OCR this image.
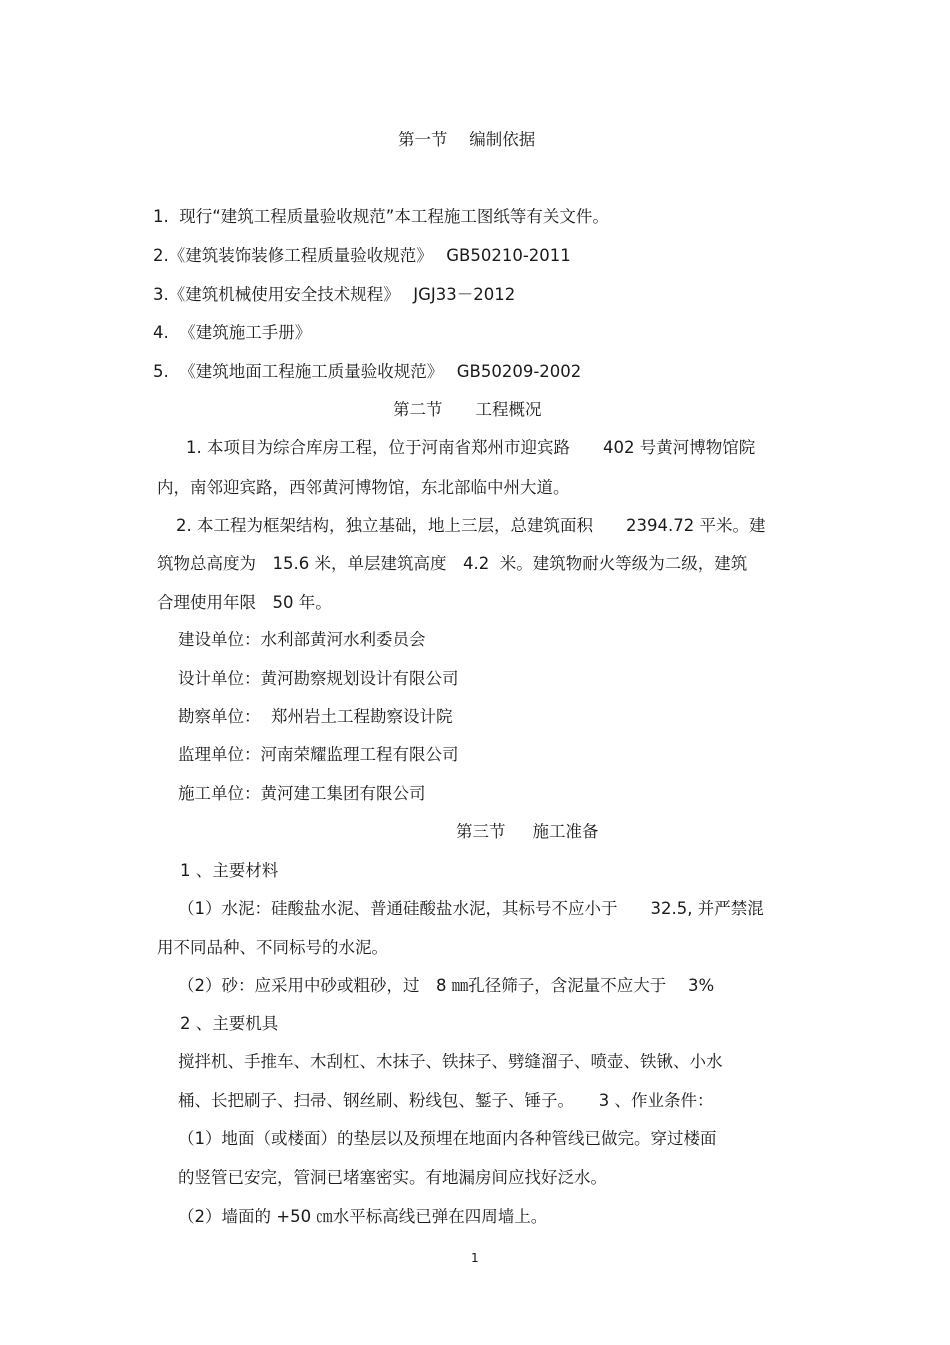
第一节　 编制依据
1.  现行“建筑工程质量验收规范”本工程施工图纸等有关文件。
2.《建筑装饰装修工程质量验收规范》　 GB50210-2011
3.《建筑机械使用安全技术规程》　 JGJ33－2012
4.  《建筑施工手册》
5.  《建筑地面工程施工质量验收规范》　 GB50209-2002
第二节　　工程概况
1. 本项目为综合库房工程，位于河南省郑州市迎宾路　　402 号黄河博物馆院
内，南邻迎宾路，西邻黄河博物馆，东北部临中州大道。
2. 本工程为框架结构，独立基础，地上三层，总建筑面积　　2394.72 平米。建
筑物总高度为　15.6 米，单层建筑高度　4.2  米。建筑物耐火等级为二级，建筑
合理使用年限　50 年。
建设单位：水利部黄河水利委员会
设计单位：黄河勘察规划设计有限公司
勘察单位：  郑州岩土工程勘察设计院
监理单位：河南荣耀监理工程有限公司
施工单位：黄河建工集团有限公司
第三节　  施工准备
1 、主要材料
（1）水泥：硅酸盐水泥、普通硅酸盐水泥，其标号不应小于　　32.5, 并严禁混
用不同品种、不同标号的水泥。
（2）砂：应采用中砂或粗砂，过　8 ㎜孔径筛子，含泥量不应大于　 3%
2 、主要机具
搅拌机、手推车、木刮杠、木抹子、铁抹子、劈缝溜子、喷壶、铁锹、小水
桶、长把刷子、扫帚、钢丝刷、粉线包、錾子、锤子。　　3 、作业条件：
（1）地面（或楼面）的垫层以及预埋在地面内各种管线已做完。穿过楼面
的竖管已安完，管洞已堵塞密实。有地漏房间应找好泛水。
（2）墙面的 +50 ㎝水平标高线已弹在四周墙上。
1
